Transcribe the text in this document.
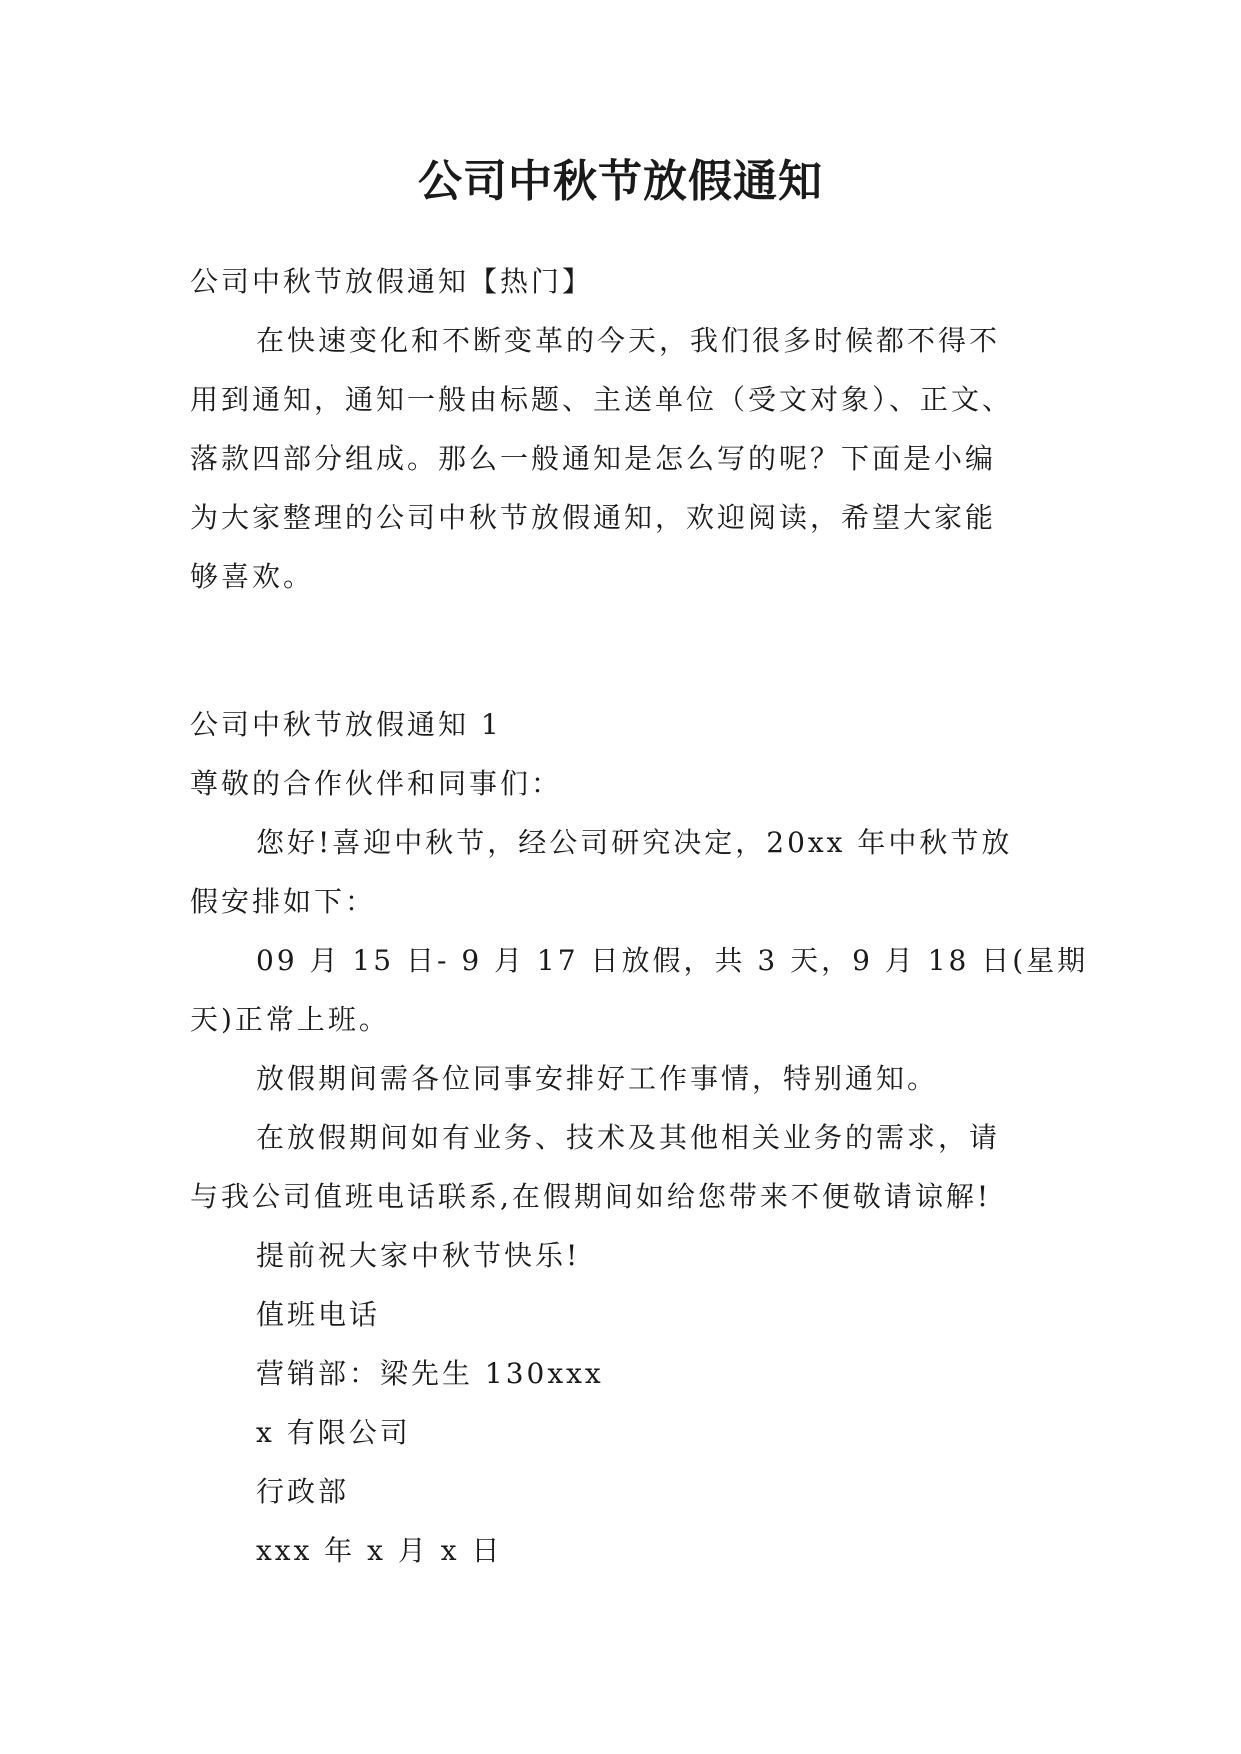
公司中秋节放假通知
公司中秋节放假通知【热门】
在快速变化和不断变革的今天，我们很多时候都不得不
用到通知，通知一般由标题、主送单位（受文对象）、正文、
落款四部分组成。那么一般通知是怎么写的呢？下面是小编
为大家整理的公司中秋节放假通知，欢迎阅读，希望大家能
够喜欢。
公司中秋节放假通知 1
尊敬的合作伙伴和同事们：
您好!喜迎中秋节，经公司研究决定，20xx 年中秋节放
假安排如下：
09 月 15 日- 9 月 17 日放假，共 3 天，9 月 18 日(星期
天)正常上班。
放假期间需各位同事安排好工作事情，特别通知。
在放假期间如有业务、技术及其他相关业务的需求，请
与我公司值班电话联系,在假期间如给您带来不便敬请谅解!
提前祝大家中秋节快乐!
值班电话
营销部：梁先生 130xxx
x 有限公司
行政部
xxx 年 x 月 x 日
